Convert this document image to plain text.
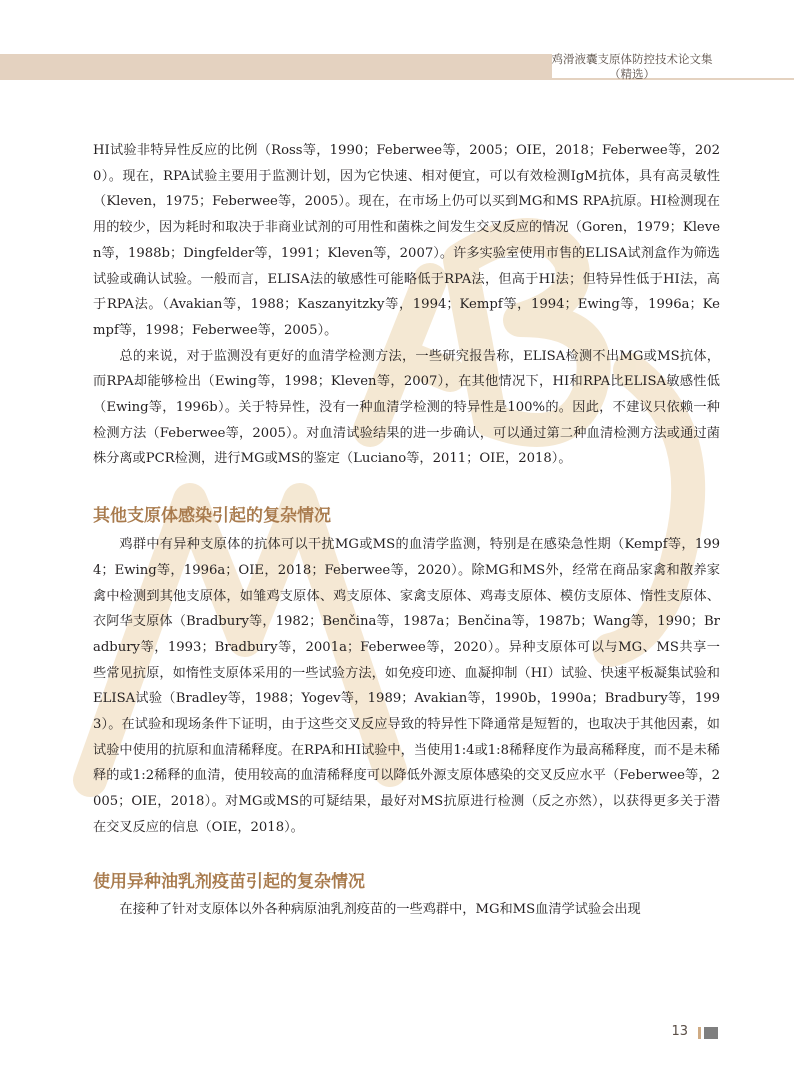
鸡滑液囊支原体防控技术论文集
（精选）

HI试验非特异性反应的比例（Ross等，1990；Feberwee等，2005；OIE，2018；Feberwee等，2020）。现在，RPA试验主要用于监测计划，因为它快速、相对便宜，可以有效检测IgM抗体，具有高灵敏性（Kleven，1975；Feberwee等，2005）。现在，在市场上仍可以买到MG和MS RPA抗原。HI检测现在用的较少，因为耗时和取决于非商业试剂的可用性和菌株之间发生交叉反应的情况（Goren，1979；Kleven等，1988b；Dingfelder等，1991；Kleven等，2007）。许多实验室使用市售的ELISA试剂盒作为筛选试验或确认试验。一般而言，ELISA法的敏感性可能略低于RPA法，但高于HI法；但特异性低于HI法，高于RPA法。（Avakian等，1988；Kaszanyitzky等，1994；Kempf等，1994；Ewing等，1996a；Kempf等，1998；Feberwee等，2005）。

总的来说，对于监测没有更好的血清学检测方法，一些研究报告称，ELISA检测不出MG或MS抗体，而RPA却能够检出（Ewing等，1998；Kleven等，2007），在其他情况下，HI和RPA比ELISA敏感性低（Ewing等，1996b）。关于特异性，没有一种血清学检测的特异性是100%的。因此，不建议只依赖一种检测方法（Feberwee等，2005）。对血清试验结果的进一步确认，可以通过第二种血清检测方法或通过菌株分离或PCR检测，进行MG或MS的鉴定（Luciano等，2011；OIE，2018）。

其他支原体感染引起的复杂情况

鸡群中有异种支原体的抗体可以干扰MG或MS的血清学监测，特别是在感染急性期（Kempf等，1994；Ewing等，1996a；OIE，2018；Feberwee等，2020）。除MG和MS外，经常在商品家禽和散养家禽中检测到其他支原体，如雏鸡支原体、鸡支原体、家禽支原体、鸡毒支原体、模仿支原体、惰性支原体、衣阿华支原体（Bradbury等，1982；Benčina等，1987a；Benčina等，1987b；Wang等，1990；Bradbury等，1993；Bradbury等，2001a；Feberwee等，2020）。异种支原体可以与MG、MS共享一些常见抗原，如惰性支原体采用的一些试验方法，如免疫印迹、血凝抑制（HI）试验、快速平板凝集试验和ELISA试验（Bradley等，1988；Yogev等，1989；Avakian等，1990b，1990a；Bradbury等，1993）。在试验和现场条件下证明，由于这些交叉反应导致的特异性下降通常是短暂的，也取决于其他因素，如试验中使用的抗原和血清稀释度。在RPA和HI试验中，当使用1:4或1:8稀释度作为最高稀释度，而不是未稀释的或1:2稀释的血清，使用较高的血清稀释度可以降低外源支原体感染的交叉反应水平（Feberwee等，2005；OIE，2018）。对MG或MS的可疑结果，最好对MS抗原进行检测（反之亦然），以获得更多关于潜在交叉反应的信息（OIE，2018）。

使用异种油乳剂疫苗引起的复杂情况

在接种了针对支原体以外各种病原油乳剂疫苗的一些鸡群中，MG和MS血清学试验会出现

13
